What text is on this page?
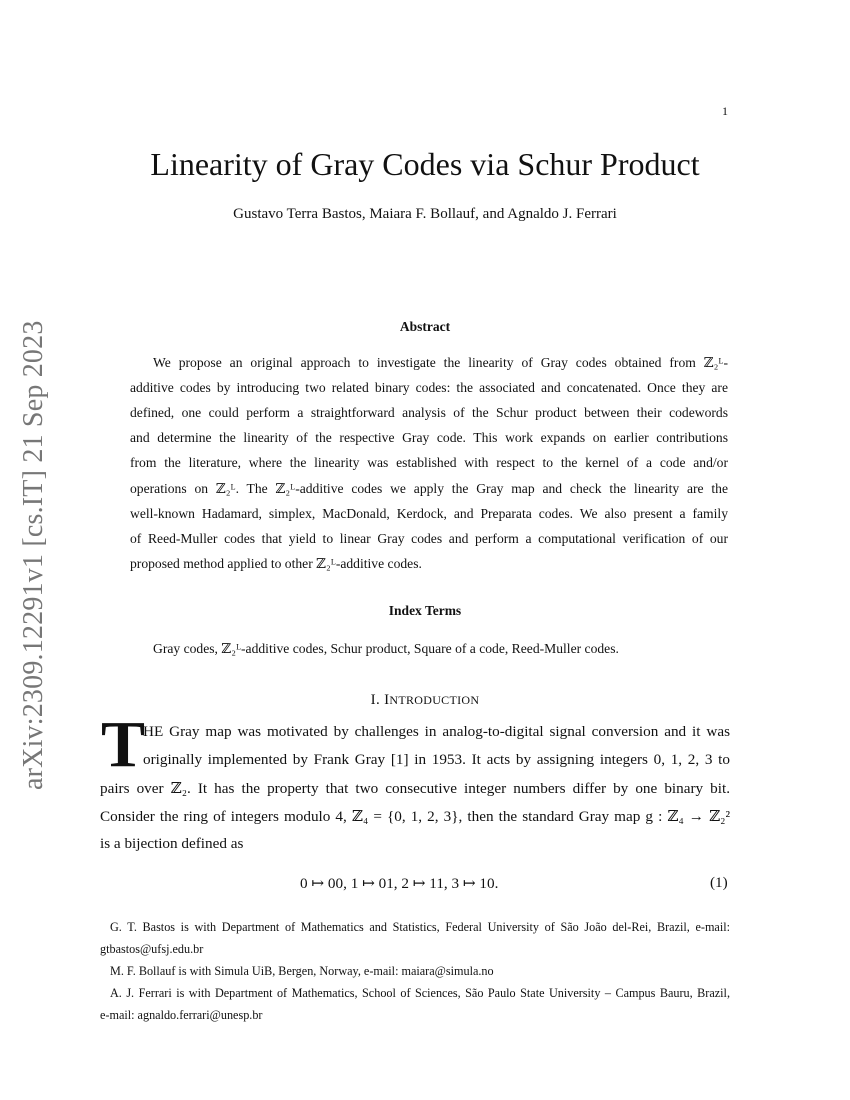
1
arXiv:2309.12291v1 [cs.IT] 21 Sep 2023
Linearity of Gray Codes via Schur Product
Gustavo Terra Bastos, Maiara F. Bollauf, and Agnaldo J. Ferrari
Abstract
We propose an original approach to investigate the linearity of Gray codes obtained from ℤ₂ᴸ-
additive codes by introducing two related binary codes: the associated and concatenated. Once they are
defined, one could perform a straightforward analysis of the Schur product between their codewords
and determine the linearity of the respective Gray code. This work expands on earlier contributions
from the literature, where the linearity was established with respect to the kernel of a code and/or
operations on ℤ₂ᴸ. The ℤ₂ᴸ-additive codes we apply the Gray map and check the linearity are the
well-known Hadamard, simplex, MacDonald, Kerdock, and Preparata codes. We also present a family
of Reed-Muller codes that yield to linear Gray codes and perform a computational verification of our
proposed method applied to other ℤ₂ᴸ-additive codes.
Index Terms
Gray codes, ℤ₂ᴸ-additive codes, Schur product, Square of a code, Reed-Muller codes.
I. INTRODUCTION
T
HE Gray map was motivated by challenges in analog-to-digital signal conversion and it was
originally implemented by Frank Gray [1] in 1953. It acts by assigning integers 0, 1, 2, 3 to
pairs over ℤ₂. It has the property that two consecutive integer numbers differ by one binary bit.
Consider the ring of integers modulo 4, ℤ₄ = {0, 1, 2, 3}, then the standard Gray map g : ℤ₄ → ℤ₂²
is a bijection defined as
0 ↦ 00, 1 ↦ 01, 2 ↦ 11, 3 ↦ 10.	(1)
G. T. Bastos is with Department of Mathematics and Statistics, Federal University of São João del-Rei, Brazil, e-mail:
gtbastos@ufsj.edu.br
M. F. Bollauf is with Simula UiB, Bergen, Norway, e-mail: maiara@simula.no
A. J. Ferrari is with Department of Mathematics, School of Sciences, São Paulo State University – Campus Bauru, Brazil,
e-mail: agnaldo.ferrari@unesp.br
